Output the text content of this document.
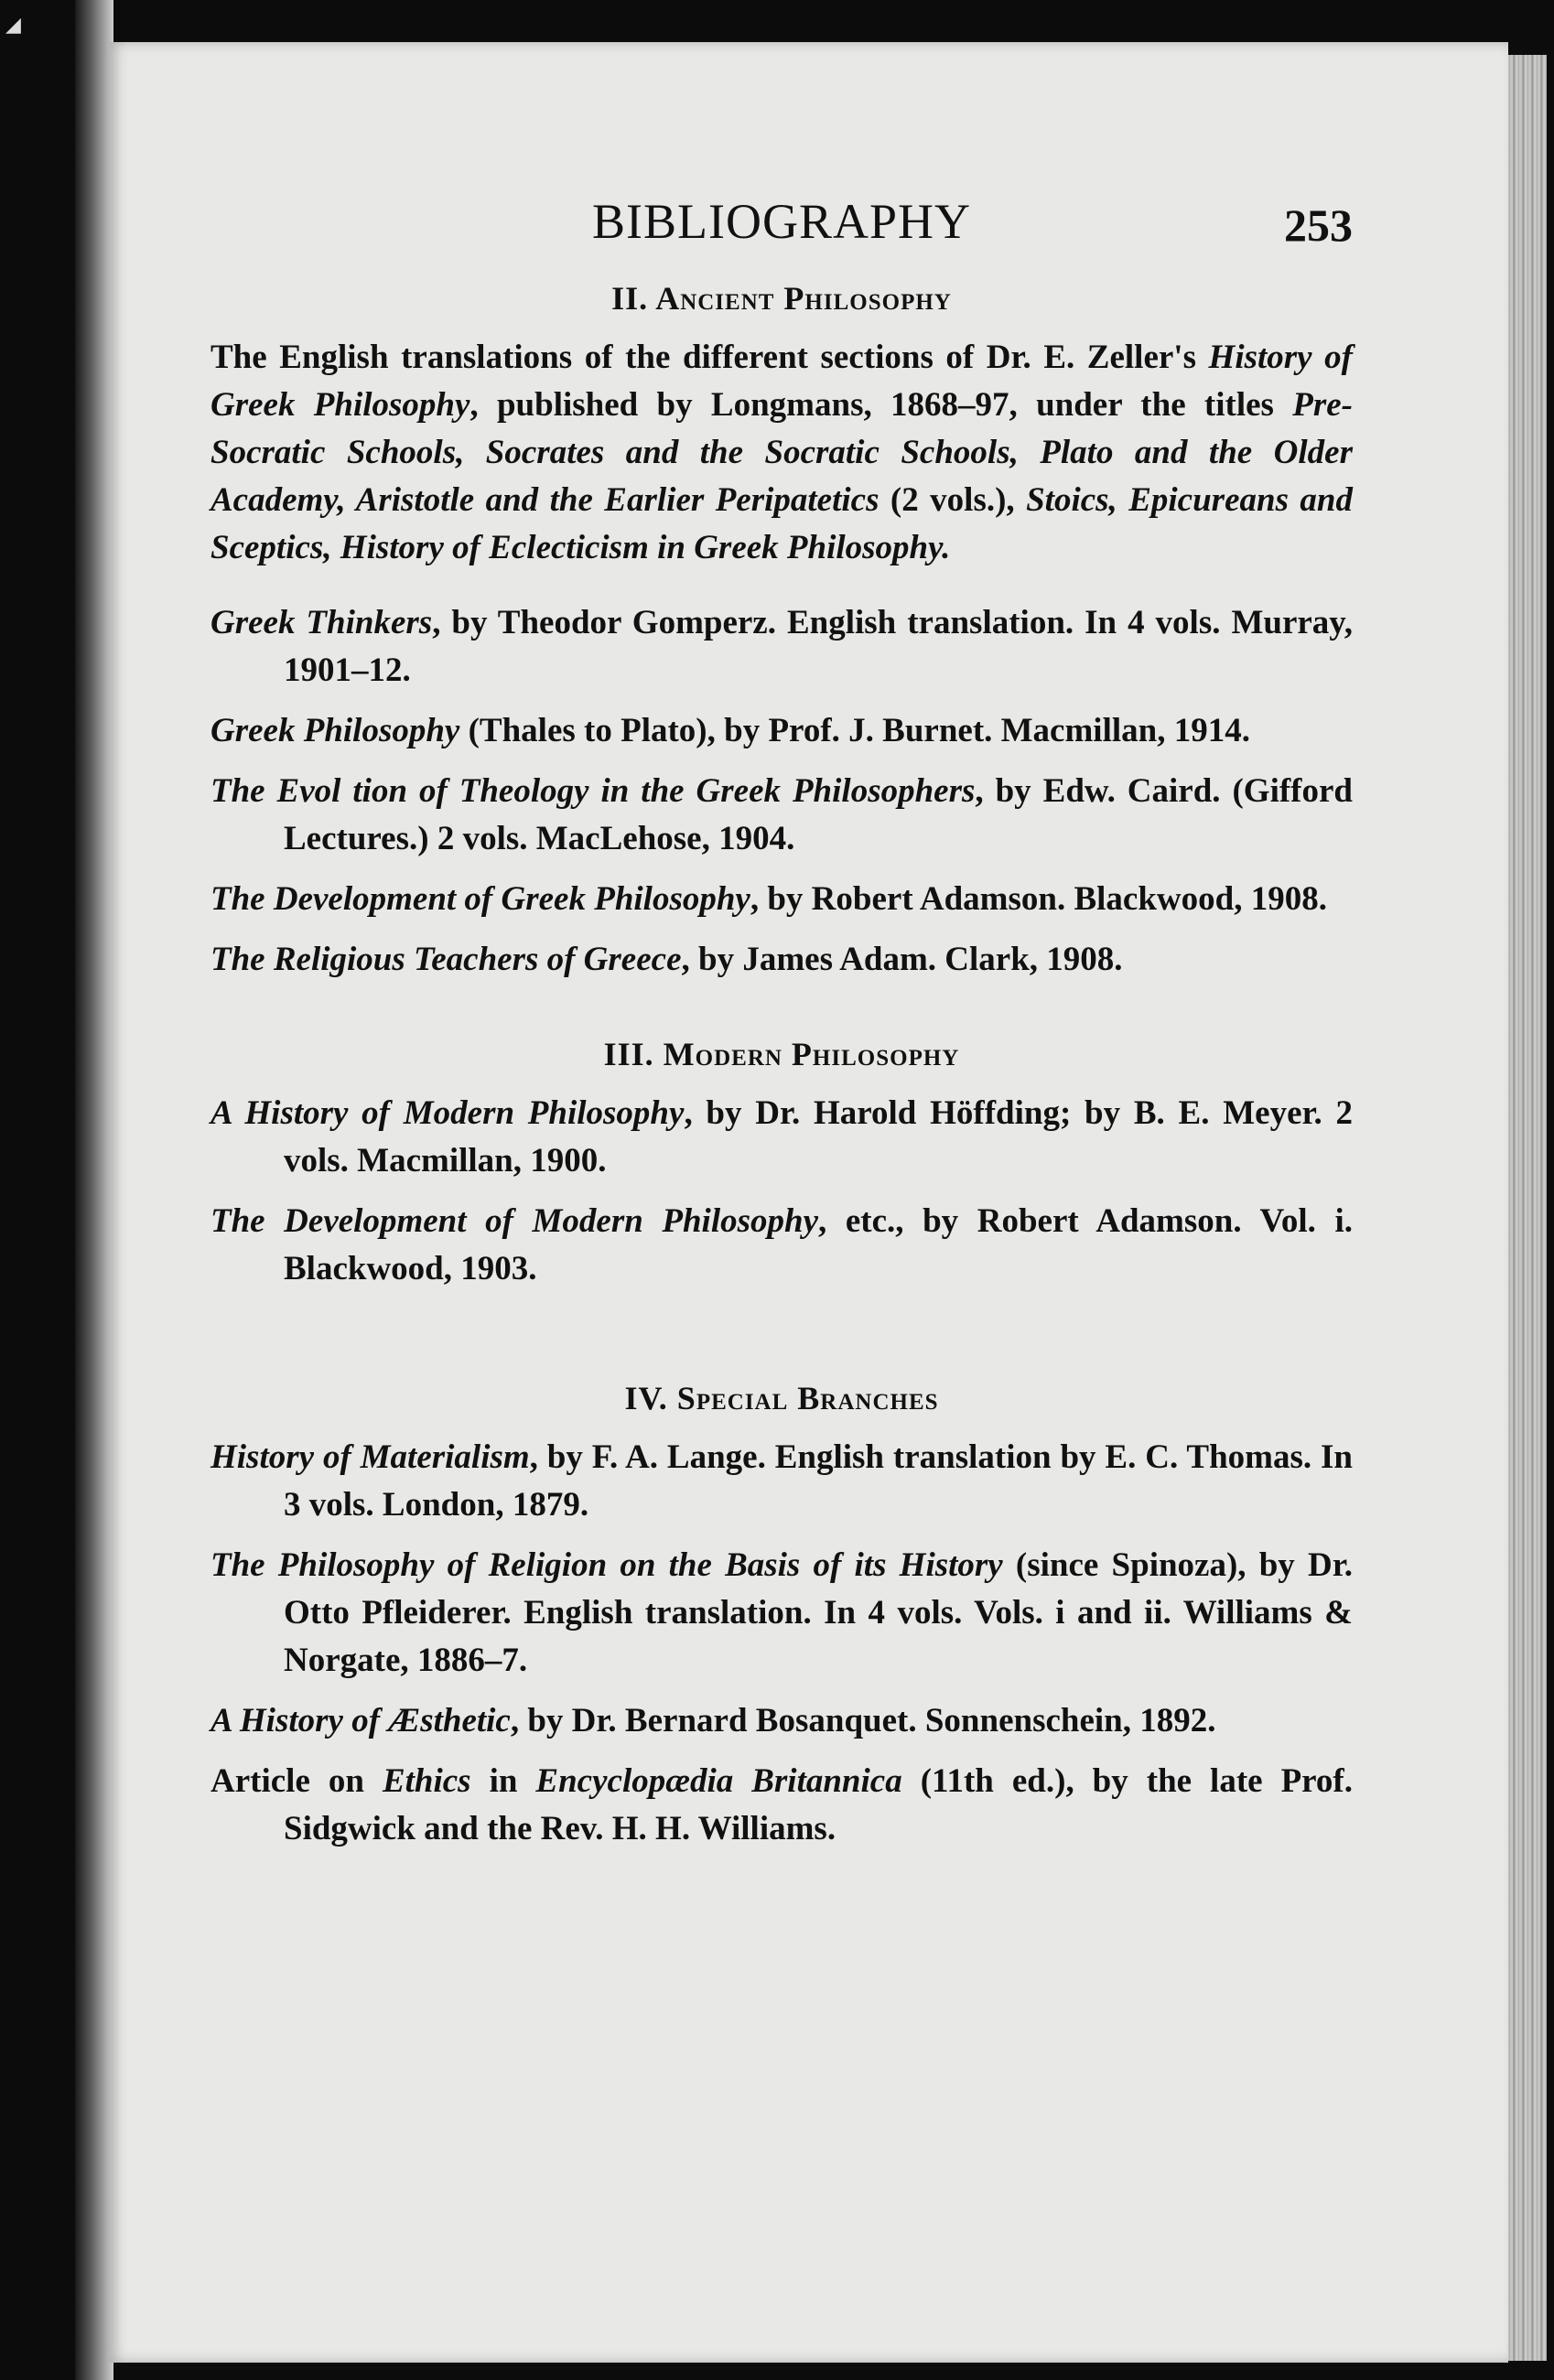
◢
BIBLIOGRAPHY	253
II. Ancient Philosophy

The English translations of the different sections of Dr. E. Zeller's History of Greek Philosophy, published by Longmans, 1868–97, under the titles Pre-Socratic Schools, Socrates and the Socratic Schools, Plato and the Older Academy, Aristotle and the Earlier Peripatetics (2 vols.), Stoics, Epicureans and Sceptics, History of Eclecticism in Greek Philosophy.

Greek Thinkers, by Theodor Gomperz. English translation. In 4 vols. Murray, 1901–12.

Greek Philosophy (Thales to Plato), by Prof. J. Burnet. Macmillan, 1914.

The Evol tion of Theology in the Greek Philosophers, by Edw. Caird. (Gifford Lectures.) 2 vols. MacLehose, 1904.

The Development of Greek Philosophy, by Robert Adamson. Blackwood, 1908.

The Religious Teachers of Greece, by James Adam. Clark, 1908.

III. Modern Philosophy

A History of Modern Philosophy, by Dr. Harold Höffding; by B. E. Meyer. 2 vols. Macmillan, 1900.

The Development of Modern Philosophy, etc., by Robert Adamson. Vol. i. Blackwood, 1903.

IV. Special Branches

History of Materialism, by F. A. Lange. English translation by E. C. Thomas. In 3 vols. London, 1879.

The Philosophy of Religion on the Basis of its History (since Spinoza), by Dr. Otto Pfleiderer. English translation. In 4 vols. Vols. i and ii. Williams & Norgate, 1886–7.

A History of Æsthetic, by Dr. Bernard Bosanquet. Sonnenschein, 1892.

Article on Ethics in Encyclopædia Britannica (11th ed.), by the late Prof. Sidgwick and the Rev. H. H. Williams.
